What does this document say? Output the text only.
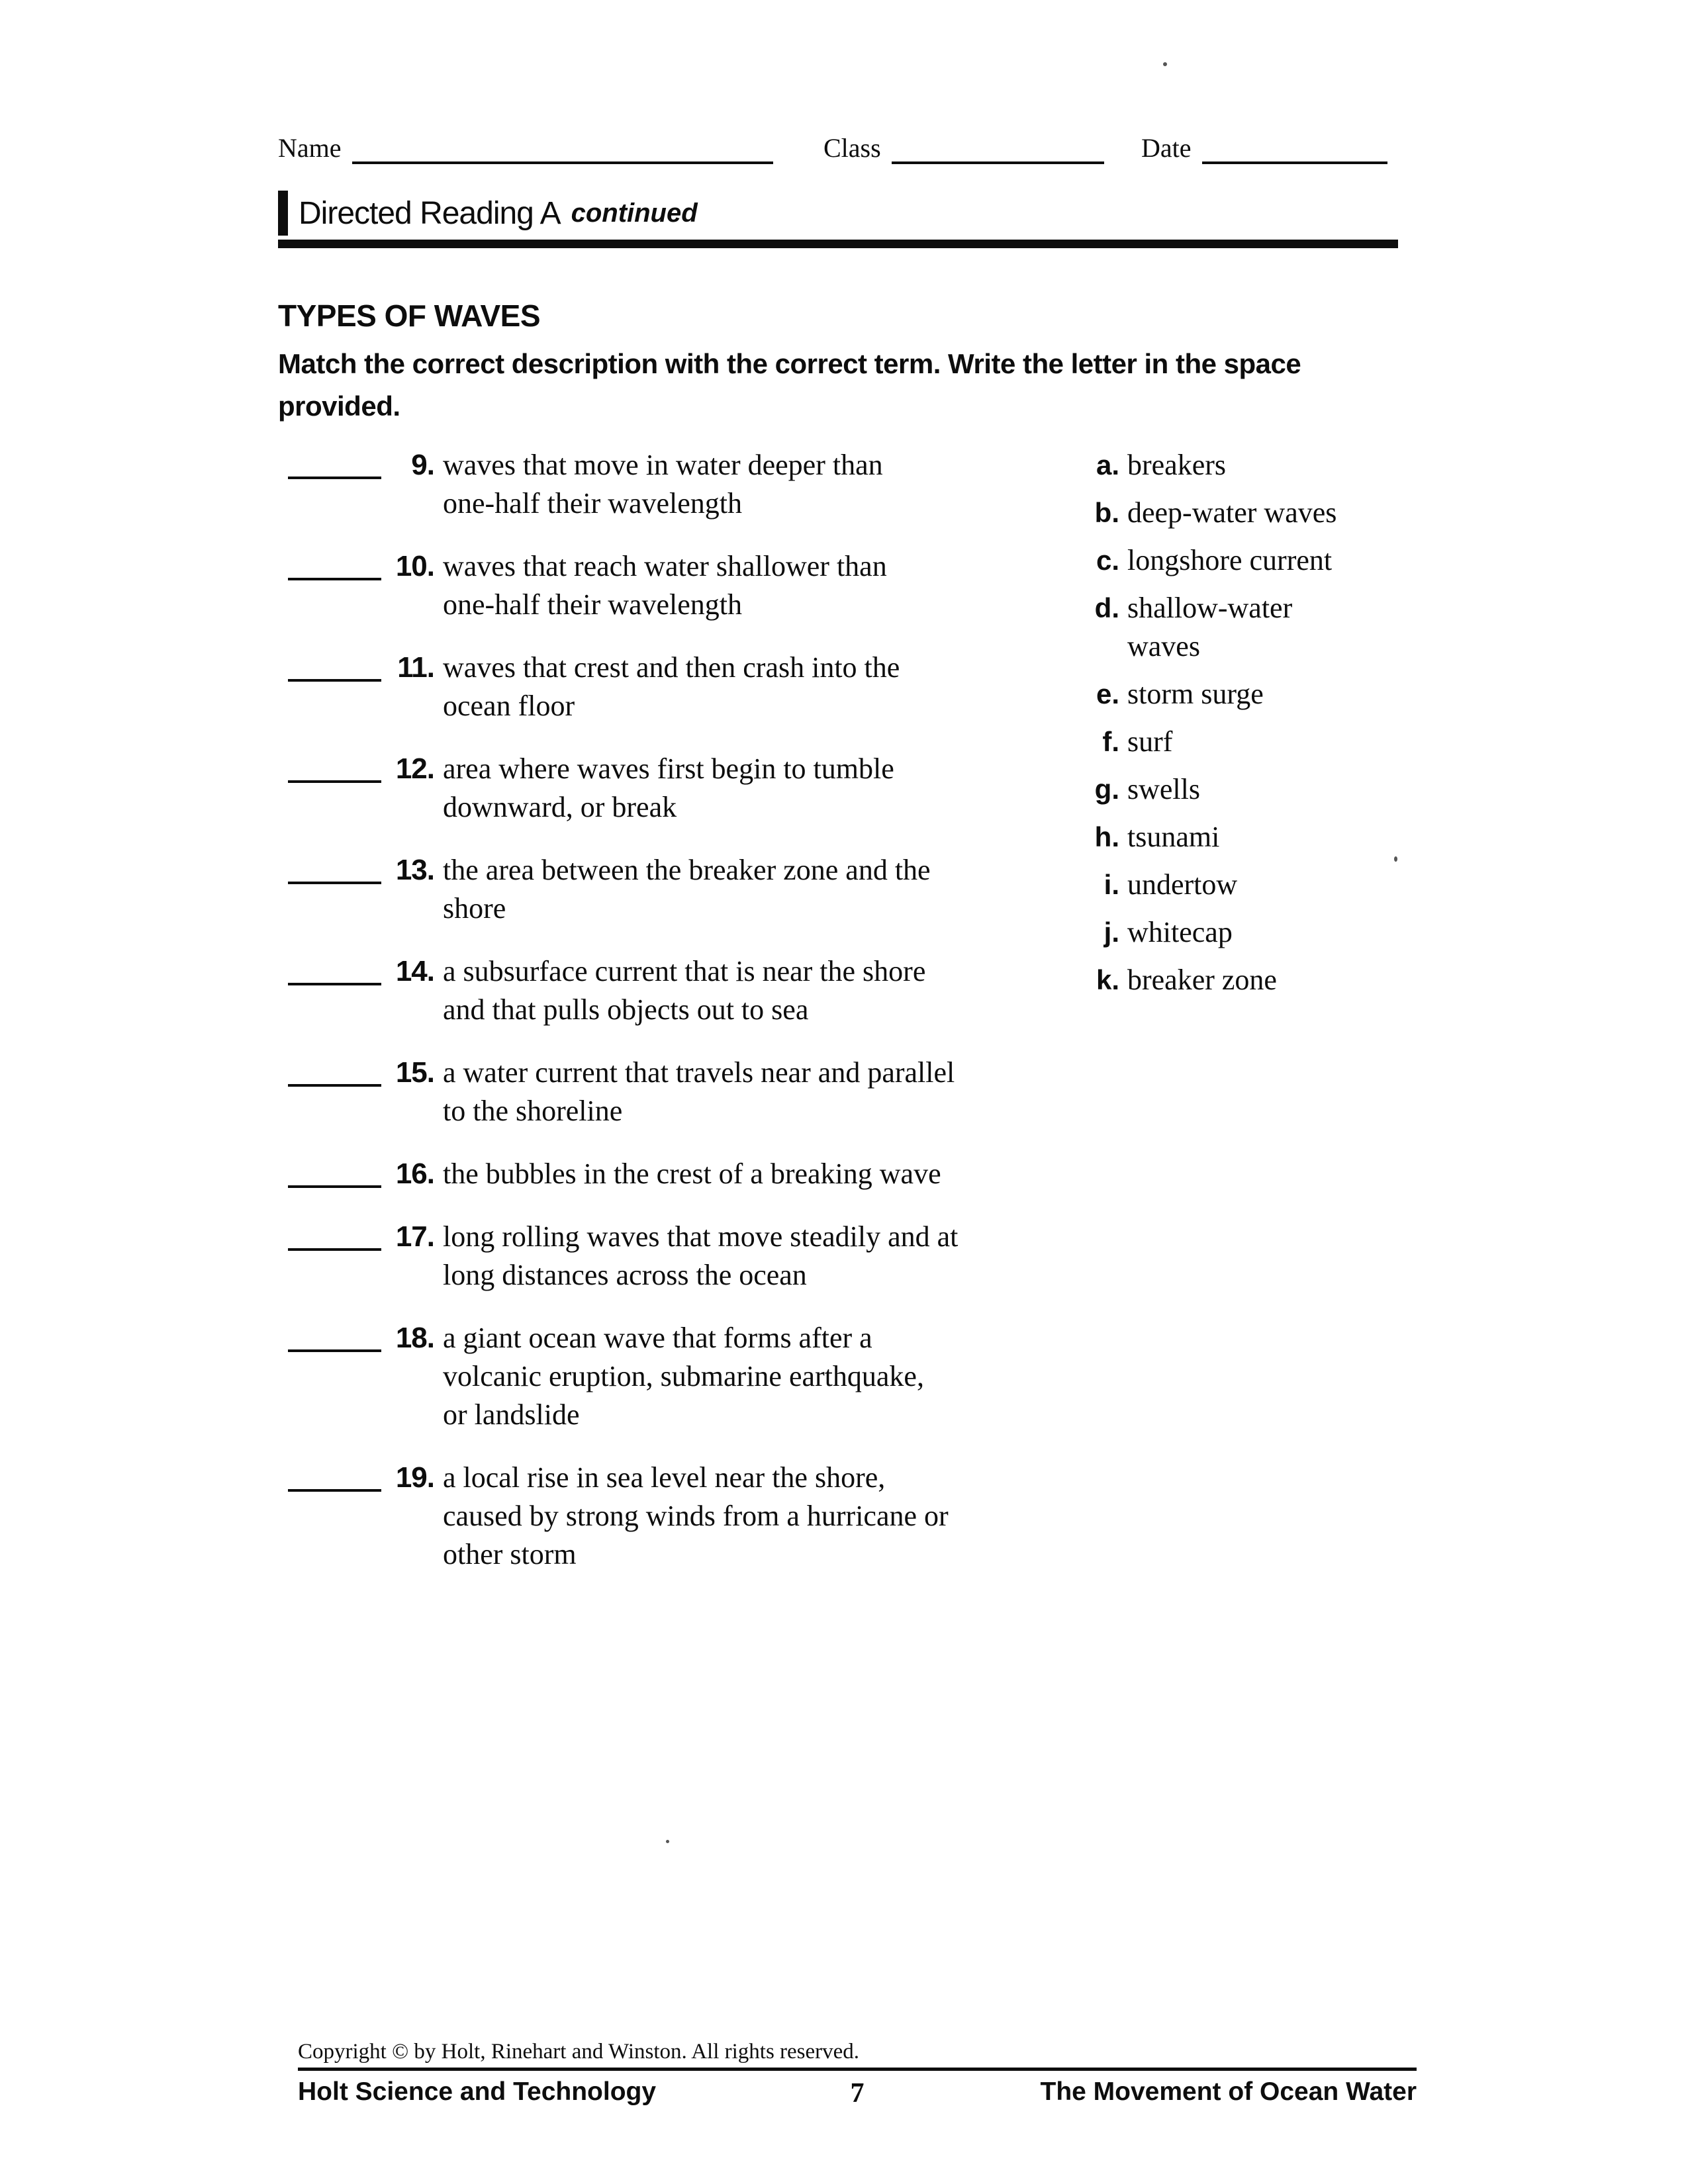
Name	Class	Date
Directed Reading A continued
TYPES OF WAVES
Match the correct description with the correct term. Write the letter in the space
provided.
9. waves that move in water deeper than
one-half their wavelength
10. waves that reach water shallower than
one-half their wavelength
11. waves that crest and then crash into the
ocean floor
12. area where waves first begin to tumble
downward, or break
13. the area between the breaker zone and the
shore
14. a subsurface current that is near the shore
and that pulls objects out to sea
15. a water current that travels near and parallel
to the shoreline
16. the bubbles in the crest of a breaking wave
17. long rolling waves that move steadily and at
long distances across the ocean
18. a giant ocean wave that forms after a
volcanic eruption, submarine earthquake,
or landslide
19. a local rise in sea level near the shore,
caused by strong winds from a hurricane or
other storm
a. breakers
b. deep-water waves
c. longshore current
d. shallow-water
waves
e. storm surge
f. surf
g. swells
h. tsunami
i. undertow
j. whitecap
k. breaker zone
Copyright © by Holt, Rinehart and Winston. All rights reserved.
Holt Science and Technology	7	The Movement of Ocean Water
